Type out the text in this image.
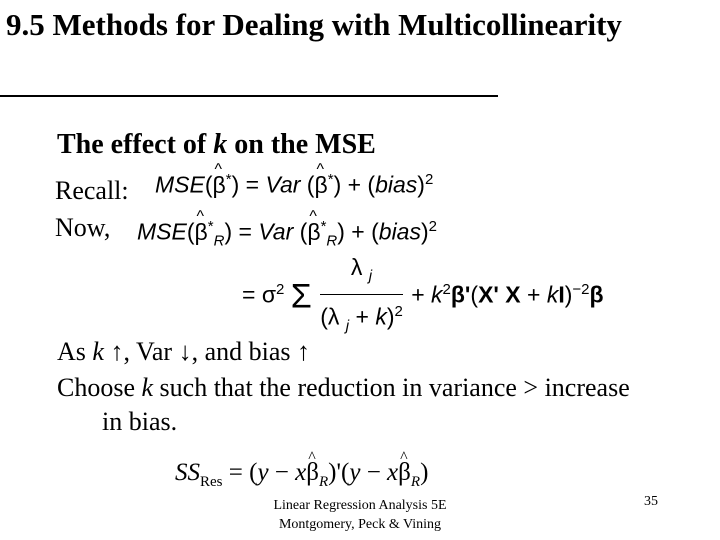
9.5 Methods for Dealing with Multicollinearity
The effect of k on the MSE
Recall: MSE(^ β*) = Var (^ β*) + (bias)$^2$
Now, MSE(^ $\beta^*_R$) = Var (^ $\beta^*_R$) + (bias)$^2$
= $\sigma^2$ Σ $\frac{\lambda _j}{(\lambda _j + k)^2} + k^2\beta'(X'$ X + kI)$^{-2}$β
As k ↑, Var ↓, and bias ↑
Choose k such that the reduction in variance > increase
in bias.
$SS_{Res} = (y$ − x^ $\beta_R)'(y$ − x^ $\beta_R$)
Linear Regression Analysis 5E
Montgomery, Peck & Vining
35
